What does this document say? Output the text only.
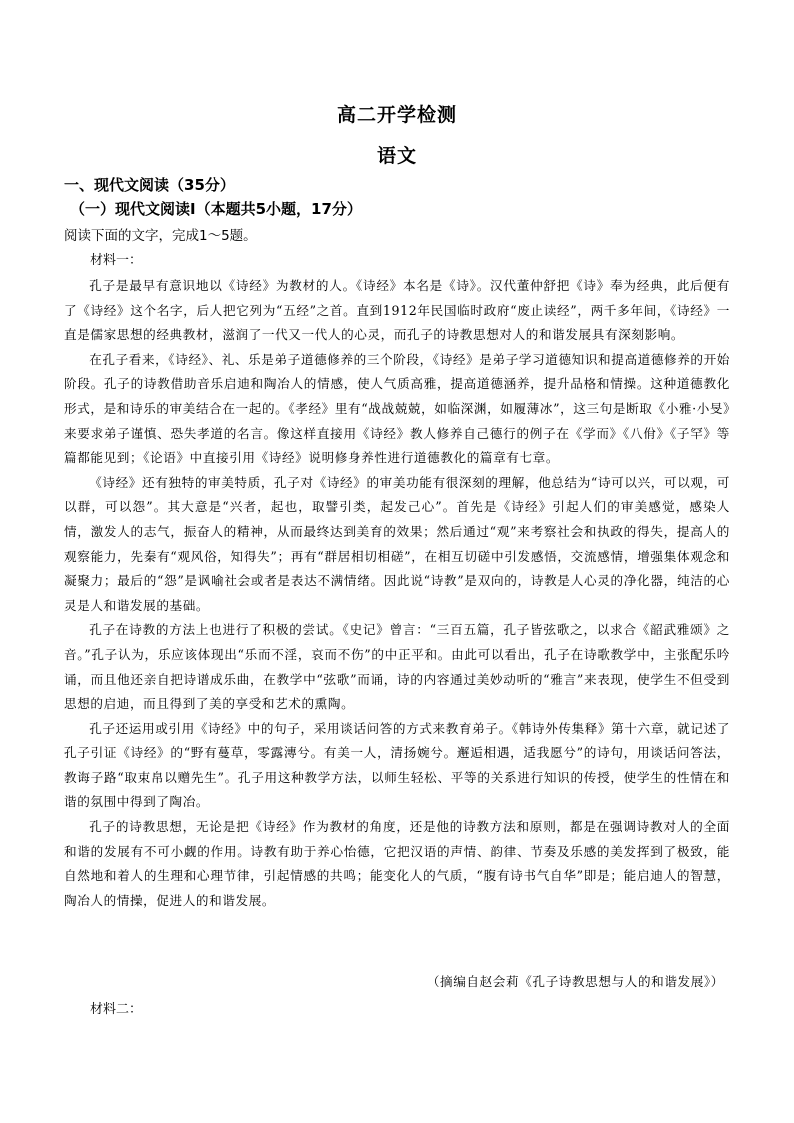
高二开学检测
语文
一、现代文阅读（35分）
（一）现代文阅读Ⅰ（本题共5小题，17分）
阅读下面的文字，完成1～5题。
材料一：

孔子是最早有意识地以《诗经》为教材的人。《诗经》本名是《诗》。汉代董仲舒把《诗》奉为经典，此后便有了《诗经》这个名字，后人把它列为“五经”之首。直到1912年民国临时政府“废止读经”，两千多年间，《诗经》一直是儒家思想的经典教材，滋润了一代又一代人的心灵，而孔子的诗教思想对人的和谐发展具有深刻影响。

在孔子看来，《诗经》、礼、乐是弟子道德修养的三个阶段，《诗经》是弟子学习道德知识和提高道德修养的开始阶段。孔子的诗教借助音乐启迪和陶冶人的情感，使人气质高雅，提高道德涵养，提升品格和情操。这种道德教化形式，是和诗乐的审美结合在一起的。《孝经》里有“战战兢兢，如临深渊，如履薄冰”，这三句是断取《小雅·小旻》来要求弟子谨慎、恐失孝道的名言。像这样直接用《诗经》教人修养自己德行的例子在《学而》《八佾》《子罕》等篇都能见到；《论语》中直接引用《诗经》说明修身养性进行道德教化的篇章有七章。

《诗经》还有独特的审美特质，孔子对《诗经》的审美功能有很深刻的理解，他总结为“诗可以兴，可以观，可以群，可以怨”。其大意是“兴者，起也，取譬引类，起发己心”。首先是《诗经》引起人们的审美感觉，感染人情，激发人的志气，振奋人的精神，从而最终达到美育的效果；然后通过“观”来考察社会和执政的得失，提高人的观察能力，先秦有“观风俗，知得失”；再有“群居相切相磋”，在相互切磋中引发感悟，交流感情，增强集体观念和凝聚力；最后的“怨”是讽喻社会或者是表达不满情绪。因此说“诗教”是双向的，诗教是人心灵的净化器，纯洁的心灵是人和谐发展的基础。

孔子在诗教的方法上也进行了积极的尝试。《史记》曾言：“三百五篇，孔子皆弦歌之，以求合《韶武雅颂》之音。”孔子认为，乐应该体现出“乐而不淫，哀而不伤”的中正平和。由此可以看出，孔子在诗歌教学中，主张配乐吟诵，而且他还亲自把诗谱成乐曲，在教学中“弦歌”而诵，诗的内容通过美妙动听的“雅言”来表现，使学生不但受到思想的启迪，而且得到了美的享受和艺术的熏陶。

孔子还运用或引用《诗经》中的句子，采用谈话问答的方式来教育弟子。《韩诗外传集释》第十六章，就记述了孔子引证《诗经》的“野有蔓草，零露漙兮。有美一人，清扬婉兮。邂逅相遇，适我愿兮”的诗句，用谈话问答法，教诲子路“取束帛以赠先生”。孔子用这种教学方法，以师生轻松、平等的关系进行知识的传授，使学生的性情在和谐的氛围中得到了陶冶。

孔子的诗教思想，无论是把《诗经》作为教材的角度，还是他的诗教方法和原则，都是在强调诗教对人的全面和谐的发展有不可小觑的作用。诗教有助于养心怡德，它把汉语的声情、韵律、节奏及乐感的美发挥到了极致，能自然地和着人的生理和心理节律，引起情感的共鸣；能变化人的气质，“腹有诗书气自华”即是；能启迪人的智慧，陶冶人的情操，促进人的和谐发展。

（摘编自赵会莉《孔子诗教思想与人的和谐发展》）
材料二：
